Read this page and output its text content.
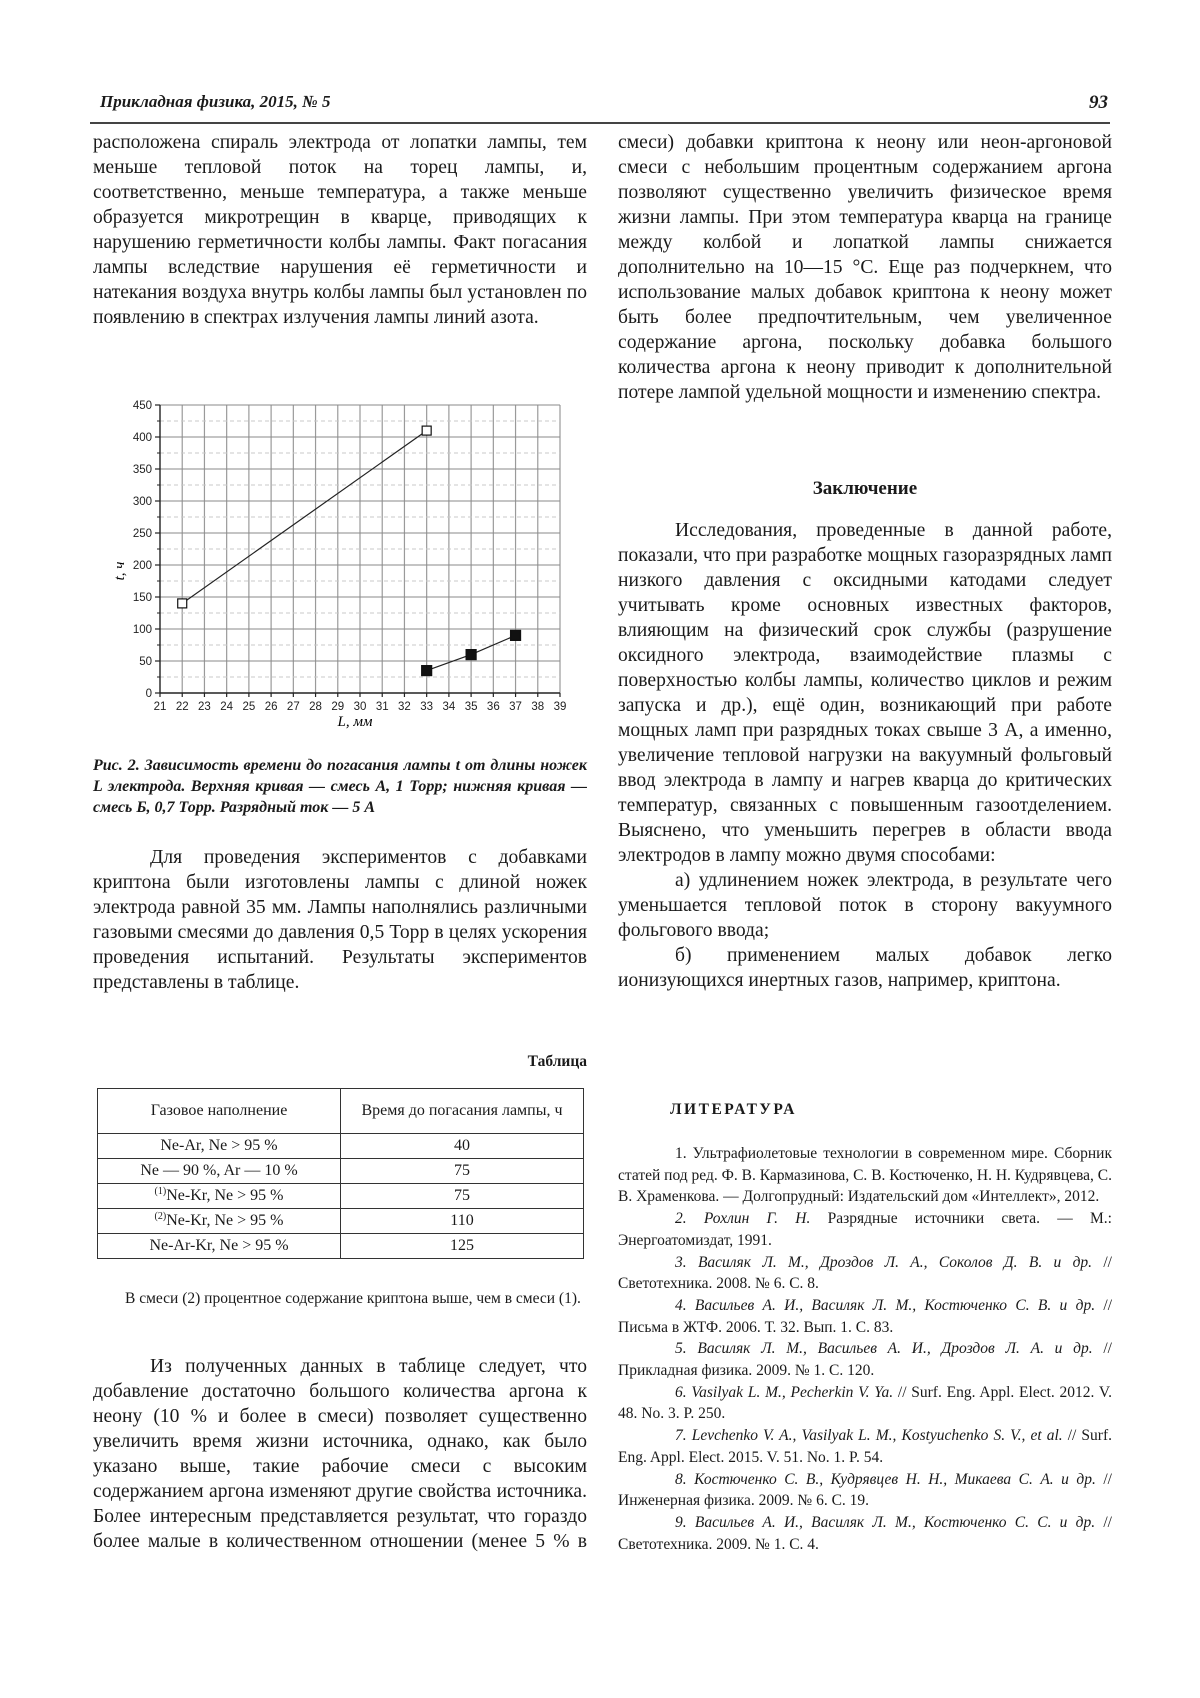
Прикладная физика, 2015, № 5	93

расположена спираль электрода от лопатки лампы, тем меньше тепловой поток на торец лампы, и, соответственно, меньше температура, а также меньше образуется микротрещин в кварце, приводящих к нарушению герметичности колбы лампы. Факт погасания лампы вследствие нарушения её герметичности и натекания воздуха внутрь колбы лампы был установлен по появлению в спектрах излучения лампы линий азота.

21 22 23 24 25 26 27 28 29 30 31 32 33 34 35 36 37 38 39
0
50
100
150
200
250
300
350
400
450
L, мм
t, ч
Рис. 2. Зависимость времени до погасания лампы t от длины ножек L электрода. Верхняя кривая — смесь А, 1 Торр; нижняя кривая — смесь Б, 0,7 Торр. Разрядный ток — 5 А

Для проведения экспериментов с добавками криптона были изготовлены лампы с длиной ножек электрода равной 35 мм. Лампы наполнялись различными газовыми смесями до давления 0,5 Торр в целях ускорения проведения испытаний. Результаты экспериментов представлены в таблице.

Таблица
Газовое наполнение	Время до погасания лампы, ч
Ne-Ar, Ne > 95 %	40
Ne — 90 %, Ar — 10 %	75
$^{(1)}$Ne-Kr, Ne > 95 %	75
$^{(2)}$Ne-Kr, Ne > 95 %	110
Ne-Ar-Kr, Ne > 95 %	125
В смеси (2) процентное содержание криптона выше, чем в смеси (1).

Из полученных данных в таблице следует, что добавление достаточно большого количества аргона к неону (10 % и более в смеси) позволяет существенно увеличить время жизни источника, однако, как было указано выше, такие рабочие смеси с высоким содержанием аргона изменяют другие свойства источника. Более интересным представляется результат, что гораздо более малые в количественном отношении (менее 5 % в

смеси) добавки криптона к неону или неон-аргоновой смеси с небольшим процентным содержанием аргона позволяют существенно увеличить физическое время жизни лампы. При этом температура кварца на границе между колбой и лопаткой лампы снижается дополнительно на 10—15 °С. Еще раз подчеркнем, что использование малых добавок криптона к неону может быть более предпочтительным, чем увеличенное содержание аргона, поскольку добавка большого количества аргона к неону приводит к дополнительной потере лампой удельной мощности и изменению спектра.

Заключение

Исследования, проведенные в данной работе, показали, что при разработке мощных газоразрядных ламп низкого давления с оксидными катодами следует учитывать кроме основных известных факторов, влияющим на физический срок службы (разрушение оксидного электрода, взаимодействие плазмы с поверхностью колбы лампы, количество циклов и режим запуска и др.), ещё один, возникающий при работе мощных ламп при разрядных токах свыше 3 А, а именно, увеличение тепловой нагрузки на вакуумный фольговый ввод электрода в лампу и нагрев кварца до критических температур, связанных с повышенным газоотделением. Выяснено, что уменьшить перегрев в области ввода электродов в лампу можно двумя способами:

а) удлинением ножек электрода, в результате чего уменьшается тепловой поток в сторону вакуумного фольгового ввода;

б) применением малых добавок легко ионизующихся инертных газов, например, криптона.

ЛИТЕРАТУРА

1. Ультрафиолетовые технологии в современном мире. Сборник статей под ред. Ф. В. Кармазинова, С. В. Костюченко, Н. Н. Кудрявцева, С. В. Храменкова. — Долгопрудный: Издательский дом «Интеллект», 2012.

2. Рохлин Г. Н. Разрядные источники света. — М.: Энергоатомиздат, 1991.

3. Василяк Л. М., Дроздов Л. А., Соколов Д. В. и др. // Светотехника. 2008. № 6. С. 8.

4. Васильев А. И., Василяк Л. М., Костюченко С. В. и др. // Письма в ЖТФ. 2006. Т. 32. Вып. 1. С. 83.

5. Василяк Л. М., Васильев А. И., Дроздов Л. А. и др. // Прикладная физика. 2009. № 1. С. 120.

6. Vasilyak L. M., Pecherkin V. Ya. // Surf. Eng. Appl. Elect. 2012. V. 48. No. 3. P. 250.

7. Levchenko V. A., Vasilyak L. M., Kostyuchenko S. V., et al. // Surf. Eng. Appl. Elect. 2015. V. 51. No. 1. P. 54.

8. Костюченко С. В., Кудрявцев Н. Н., Микаева С. А. и др. // Инженерная физика. 2009. № 6. С. 19.

9. Васильев А. И., Василяк Л. М., Костюченко С. С. и др. // Светотехника. 2009. № 1. С. 4.
